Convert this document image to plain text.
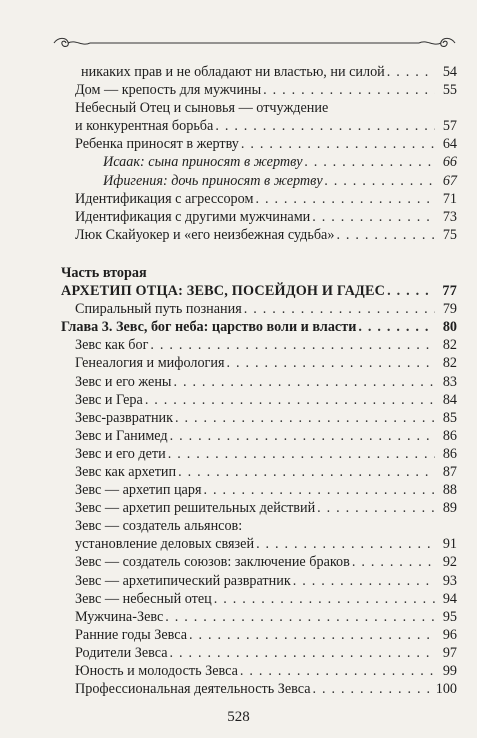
никаких прав и не обладают ни властью, ни силой . . .	54
Дом — крепость для мужчины . . .	55
Небесный Отец и сыновья — отчуждение
и конкурентная борьба . . .	57
Ребенка приносят в жертву . . .	64
Исаак: сына приносят в жертву . . .	66
Ифигения: дочь приносят в жертву . . .	67
Идентификация с агрессором . . .	71
Идентификация с другими мужчинами . . .	73
Люк Скайуокер и «его неизбежная судьба» . . .	75
Часть вторая
АРХЕТИП ОТЦА: ЗЕВС, ПОСЕЙДОН И ГАДЕС . . .	77
Спиральный путь познания . . .	79
Глава 3. Зевс, бог неба: царство воли и власти . . .	80
Зевс как бог . . .	82
Генеалогия и мифология . . .	82
Зевс и его жены . . .	83
Зевс и Гера . . .	84
Зевс-развратник . . .	85
Зевс и Ганимед . . .	86
Зевс и его дети . . .	86
Зевс как архетип . . .	87
Зевс — архетип царя . . .	88
Зевс — архетип решительных действий . . .	89
Зевс — создатель альянсов:
установление деловых связей . . .	91
Зевс — создатель союзов: заключение браков . . .	92
Зевс — архетипический развратник . . .	93
Зевс — небесный отец . . .	94
Мужчина-Зевс . . .	95
Ранние годы Зевса . . .	96
Родители Зевса . . .	97
Юность и молодость Зевса . . .	99
Профессиональная деятельность Зевса . . .	100
528
